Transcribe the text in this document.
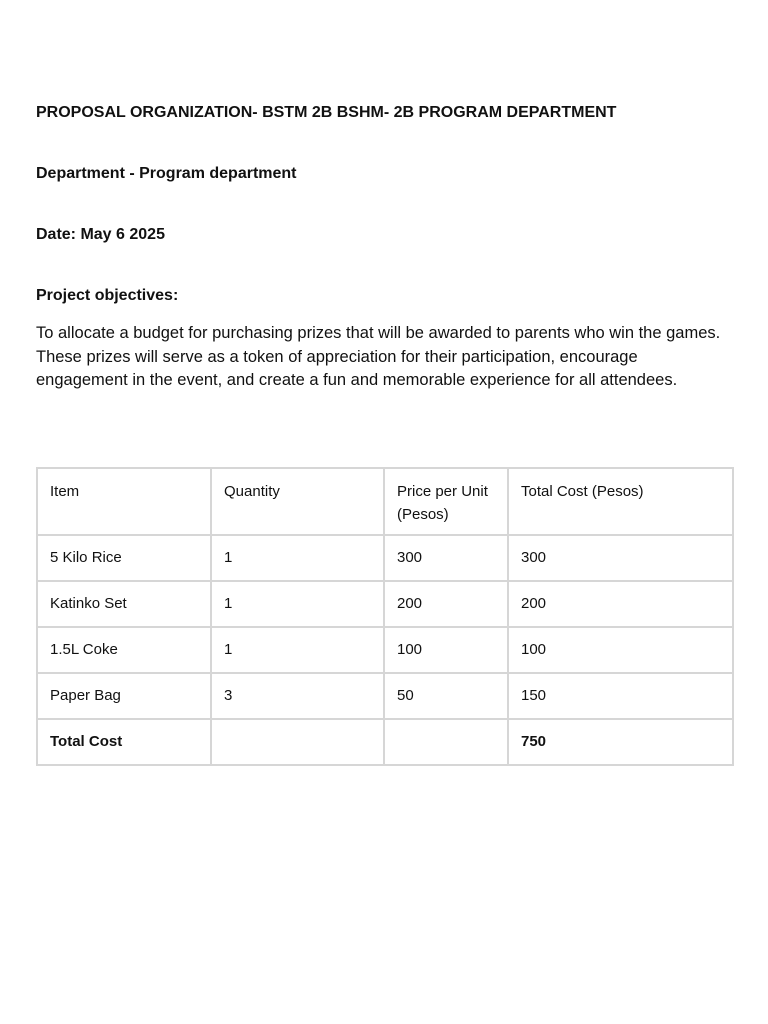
PROPOSAL ORGANIZATION- BSTM 2B BSHM- 2B PROGRAM DEPARTMENT

Department - Program department

Date: May 6 2025

Project objectives:

To allocate a budget for purchasing prizes that will be awarded to parents who win the games. These prizes will serve as a token of appreciation for their participation, encourage engagement in the event, and create a fun and memorable experience for all attendees.

Item	Quantity	Price per Unit (Pesos)	Total Cost (Pesos)
5 Kilo Rice	1	300	300
Katinko Set	1	200	200
1.5L Coke	1	100	100
Paper Bag	3	50	150
Total Cost			750
